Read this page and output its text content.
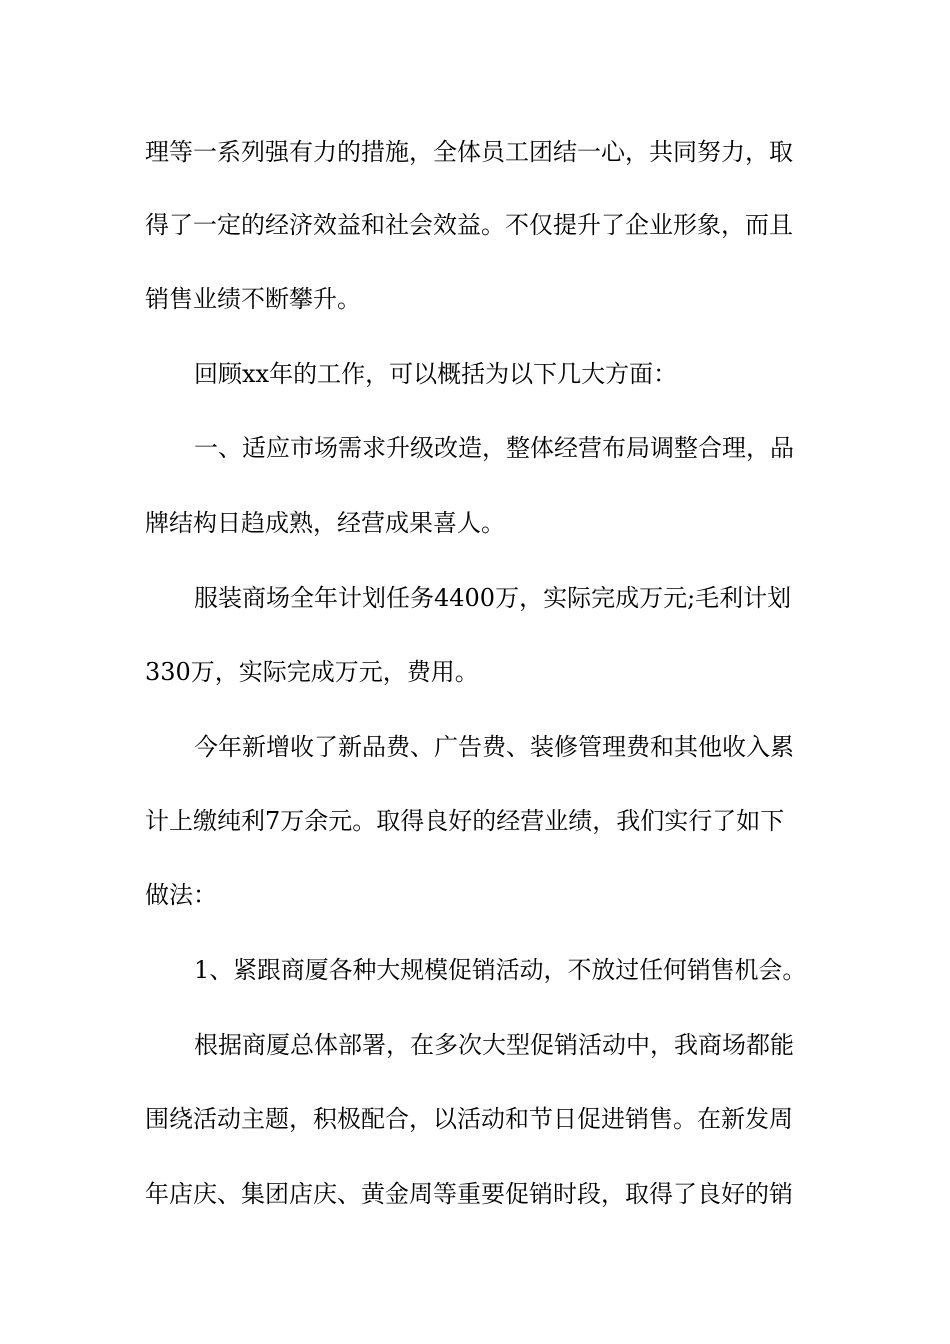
理等一系列强有力的措施，全体员工团结一心，共同努力，取
得了一定的经济效益和社会效益。不仅提升了企业形象，而且
销售业绩不断攀升。
回顾xx年的工作，可以概括为以下几大方面：
一、适应市场需求升级改造，整体经营布局调整合理，品
牌结构日趋成熟，经营成果喜人。
服装商场全年计划任务4400万，实际完成万元;毛利计划
330万，实际完成万元，费用。
今年新增收了新品费、广告费、装修管理费和其他收入累
计上缴纯利7万余元。取得良好的经营业绩，我们实行了如下
做法：
1、紧跟商厦各种大规模促销活动，不放过任何销售机会。
根据商厦总体部署，在多次大型促销活动中，我商场都能
围绕活动主题，积极配合，以活动和节日促进销售。在新发周
年店庆、集团店庆、黄金周等重要促销时段，取得了良好的销
